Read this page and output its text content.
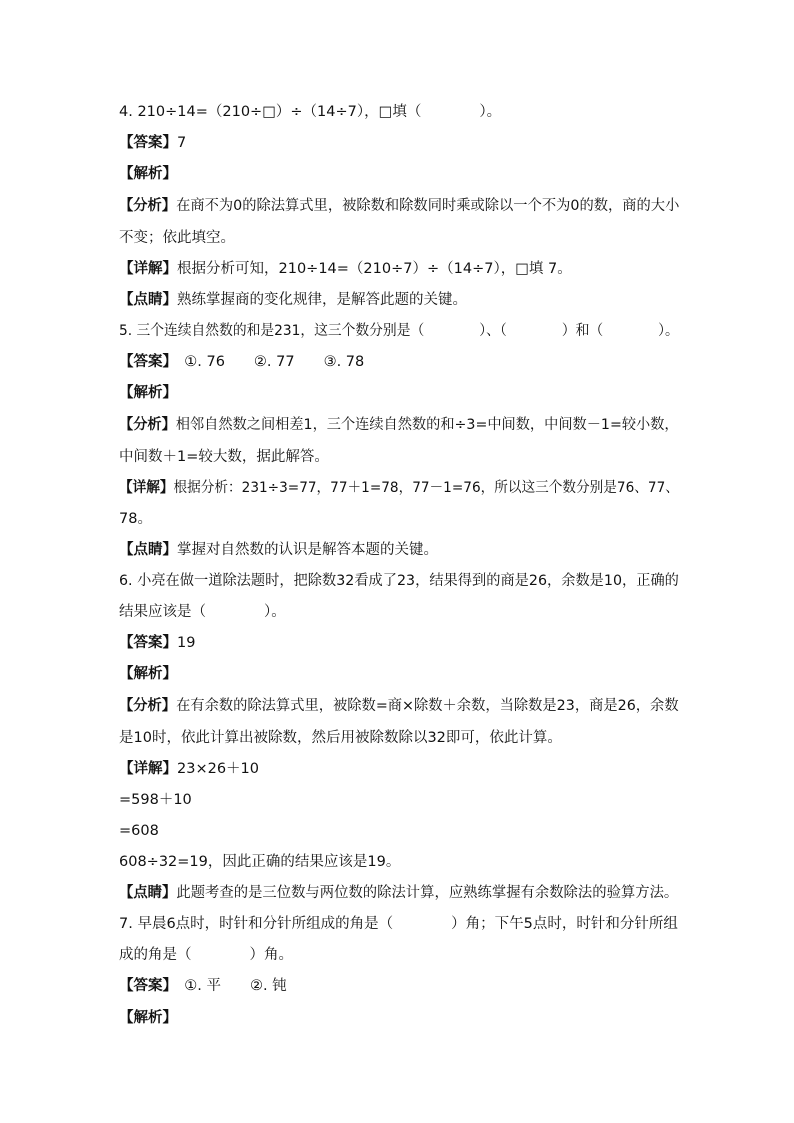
4. 210÷14=（210÷□）÷（14÷7），□填（　　　　）。
【答案】7
【解析】
【分析】在商不为0的除法算式里，被除数和除数同时乘或除以一个不为0的数，商的大小
不变；依此填空。
【详解】根据分析可知，210÷14=（210÷7）÷（14÷7），□填 7。
【点睛】熟练掌握商的变化规律，是解答此题的关键。
5. 三个连续自然数的和是231，这三个数分别是（　　　　）、（　　　　）和（　　　　）。
【答案】　①. 76　　②. 77　　③. 78
【解析】
【分析】相邻自然数之间相差1，三个连续自然数的和÷3=中间数，中间数－1=较小数，
中间数＋1=较大数，据此解答。
【详解】根据分析：231÷3=77，77＋1=78，77－1=76，所以这三个数分别是76、77、
78。
【点睛】掌握对自然数的认识是解答本题的关键。
6. 小亮在做一道除法题时，把除数32看成了23，结果得到的商是26，余数是10，正确的
结果应该是（　　　　）。
【答案】19
【解析】
【分析】在有余数的除法算式里，被除数=商×除数＋余数，当除数是23，商是26，余数
是10时，依此计算出被除数，然后用被除数除以32即可，依此计算。
【详解】23×26＋10
=598＋10
=608
608÷32=19，因此正确的结果应该是19。
【点睛】此题考查的是三位数与两位数的除法计算，应熟练掌握有余数除法的验算方法。
7. 早晨6点时，时针和分针所组成的角是（　　　　）角；下午5点时，时针和分针所组
成的角是（　　　　）角。
【答案】　①. 平　　②. 钝
【解析】
